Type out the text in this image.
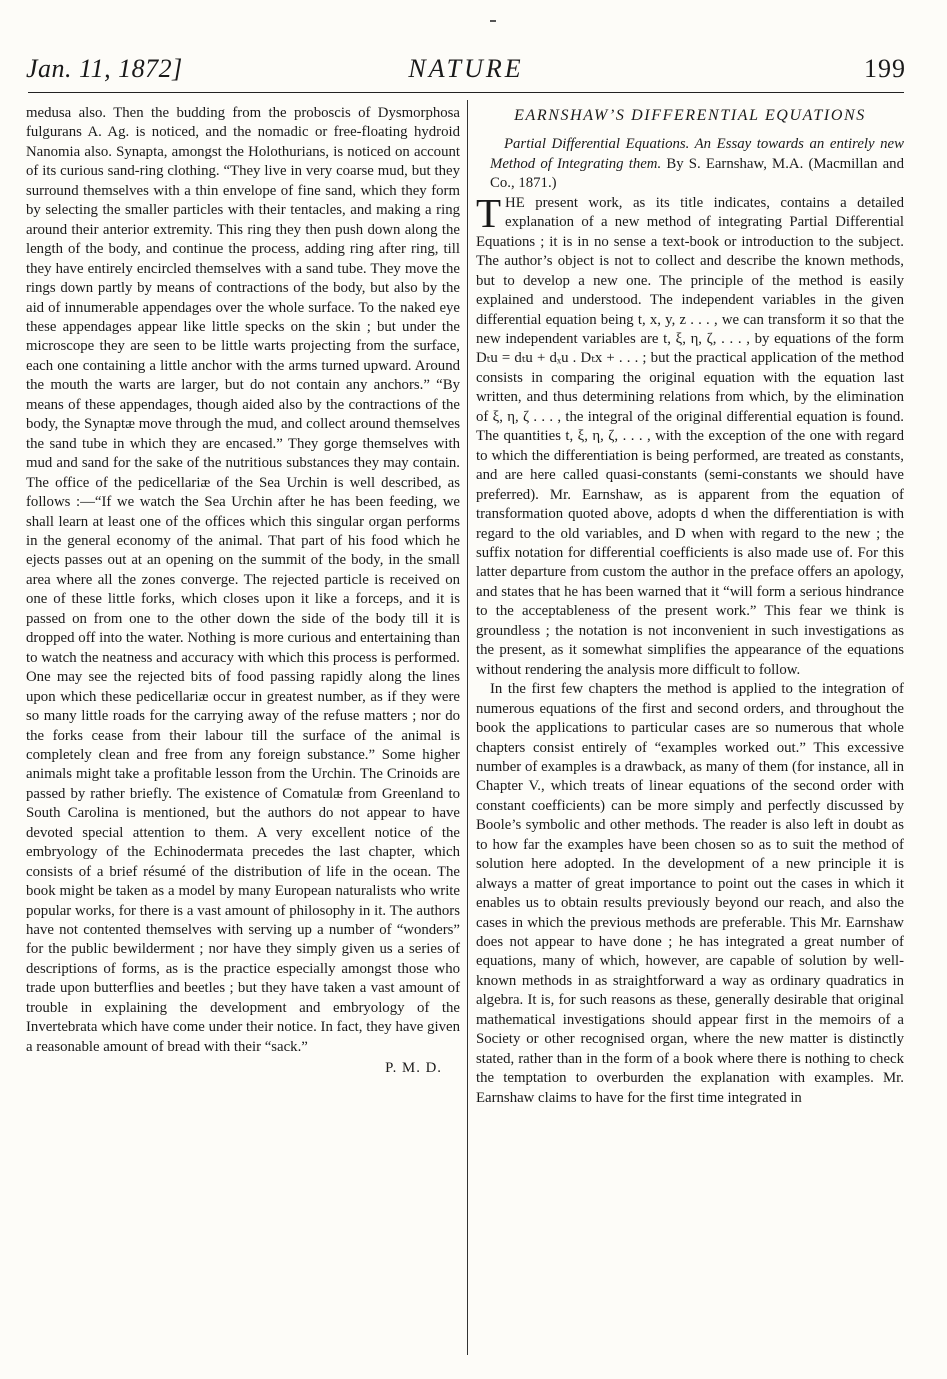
NATURE
Jan. 11, 1872]	199

medusa also. Then the budding from the proboscis of Dysmorphosa fulgurans A. Ag. is noticed, and the nomadic or free-floating hydroid Nanomia also. Synapta, amongst the Holothurians, is noticed on account of its curious sand-ring clothing. “They live in very coarse mud, but they surround themselves with a thin envelope of fine sand, which they form by selecting the smaller particles with their tentacles, and making a ring around their anterior extremity. This ring they then push down along the length of the body, and continue the process, adding ring after ring, till they have entirely encircled themselves with a sand tube. They move the rings down partly by means of contractions of the body, but also by the aid of innumerable appendages over the whole surface. To the naked eye these appendages appear like little specks on the skin ; but under the microscope they are seen to be little warts projecting from the surface, each one containing a little anchor with the arms turned upward. Around the mouth the warts are larger, but do not contain any anchors.” “By means of these appendages, though aided also by the contractions of the body, the Synaptæ move through the mud, and collect around themselves the sand tube in which they are encased.” They gorge themselves with mud and sand for the sake of the nutritious substances they may contain. The office of the pedicellariæ of the Sea Urchin is well described, as follows :—“If we watch the Sea Urchin after he has been feeding, we shall learn at least one of the offices which this singular organ performs in the general economy of the animal. That part of his food which he ejects passes out at an opening on the summit of the body, in the small area where all the zones converge. The rejected particle is received on one of these little forks, which closes upon it like a forceps, and it is passed on from one to the other down the side of the body till it is dropped off into the water. Nothing is more curious and entertaining than to watch the neatness and accuracy with which this process is performed. One may see the rejected bits of food passing rapidly along the lines upon which these pedicellariæ occur in greatest number, as if they were so many little roads for the carrying away of the refuse matters ; nor do the forks cease from their labour till the surface of the animal is completely clean and free from any foreign substance.” Some higher animals might take a profitable lesson from the Urchin. The Crinoids are passed by rather briefly. The existence of Comatulæ from Greenland to South Carolina is mentioned, but the authors do not appear to have devoted special attention to them. A very excellent notice of the embryology of the Echinodermata precedes the last chapter, which consists of a brief résumé of the distribution of life in the ocean. The book might be taken as a model by many European naturalists who write popular works, for there is a vast amount of philosophy in it. The authors have not contented themselves with serving up a number of “wonders” for the public bewilderment ; nor have they simply given us a series of descriptions of forms, as is the practice especially amongst those who trade upon butterflies and beetles ; but they have taken a vast amount of trouble in explaining the development and embryology of the Invertebrata which have come under their notice. In fact, they have given a reasonable amount of bread with their “sack.”

P. M. D.
EARNSHAW’S DIFFERENTIAL EQUATIONS

Partial Differential Equations. An Essay towards an entirely new Method of Integrating them. By S. Earnshaw, M.A. (Macmillan and Co., 1871.)

THE present work, as its title indicates, contains a detailed explanation of a new method of integrating Partial Differential Equations ; it is in no sense a text-book or introduction to the subject. The author’s object is not to collect and describe the known methods, but to develop a new one. The principle of the method is easily explained and understood. The independent variables in the given differential equation being t, x, y, z . . . , we can transform it so that the new independent variables are t, ξ, η, ζ, . . . , by equations of the form Dₜu = dₜu + dₓu . Dₜx + . . . ; but the practical application of the method consists in comparing the original equation with the equation last written, and thus determining relations from which, by the elimination of ξ, η, ζ . . . , the integral of the original differential equation is found. The quantities t, ξ, η, ζ, . . . , with the exception of the one with regard to which the differentiation is being performed, are treated as constants, and are here called quasi-constants (semi-constants we should have preferred). Mr. Earnshaw, as is apparent from the equation of transformation quoted above, adopts d when the differentiation is with regard to the old variables, and D when with regard to the new ; the suffix notation for differential coefficients is also made use of. For this latter departure from custom the author in the preface offers an apology, and states that he has been warned that it “will form a serious hindrance to the acceptableness of the present work.” This fear we think is groundless ; the notation is not inconvenient in such investigations as the present, as it somewhat simplifies the appearance of the equations without rendering the analysis more difficult to follow.

In the first few chapters the method is applied to the integration of numerous equations of the first and second orders, and throughout the book the applications to particular cases are so numerous that whole chapters consist entirely of “examples worked out.” This excessive number of examples is a drawback, as many of them (for instance, all in Chapter V., which treats of linear equations of the second order with constant coefficients) can be more simply and perfectly discussed by Boole’s symbolic and other methods. The reader is also left in doubt as to how far the examples have been chosen so as to suit the method of solution here adopted. In the development of a new principle it is always a matter of great importance to point out the cases in which it enables us to obtain results previously beyond our reach, and also the cases in which the previous methods are preferable. This Mr. Earnshaw does not appear to have done ; he has integrated a great number of equations, many of which, however, are capable of solution by well-known methods in as straightforward a way as ordinary quadratics in algebra. It is, for such reasons as these, generally desirable that original mathematical investigations should appear first in the memoirs of a Society or other recognised organ, where the new matter is distinctly stated, rather than in the form of a book where there is nothing to check the temptation to overburden the explanation with examples. Mr. Earnshaw claims to have for the first time integrated in
